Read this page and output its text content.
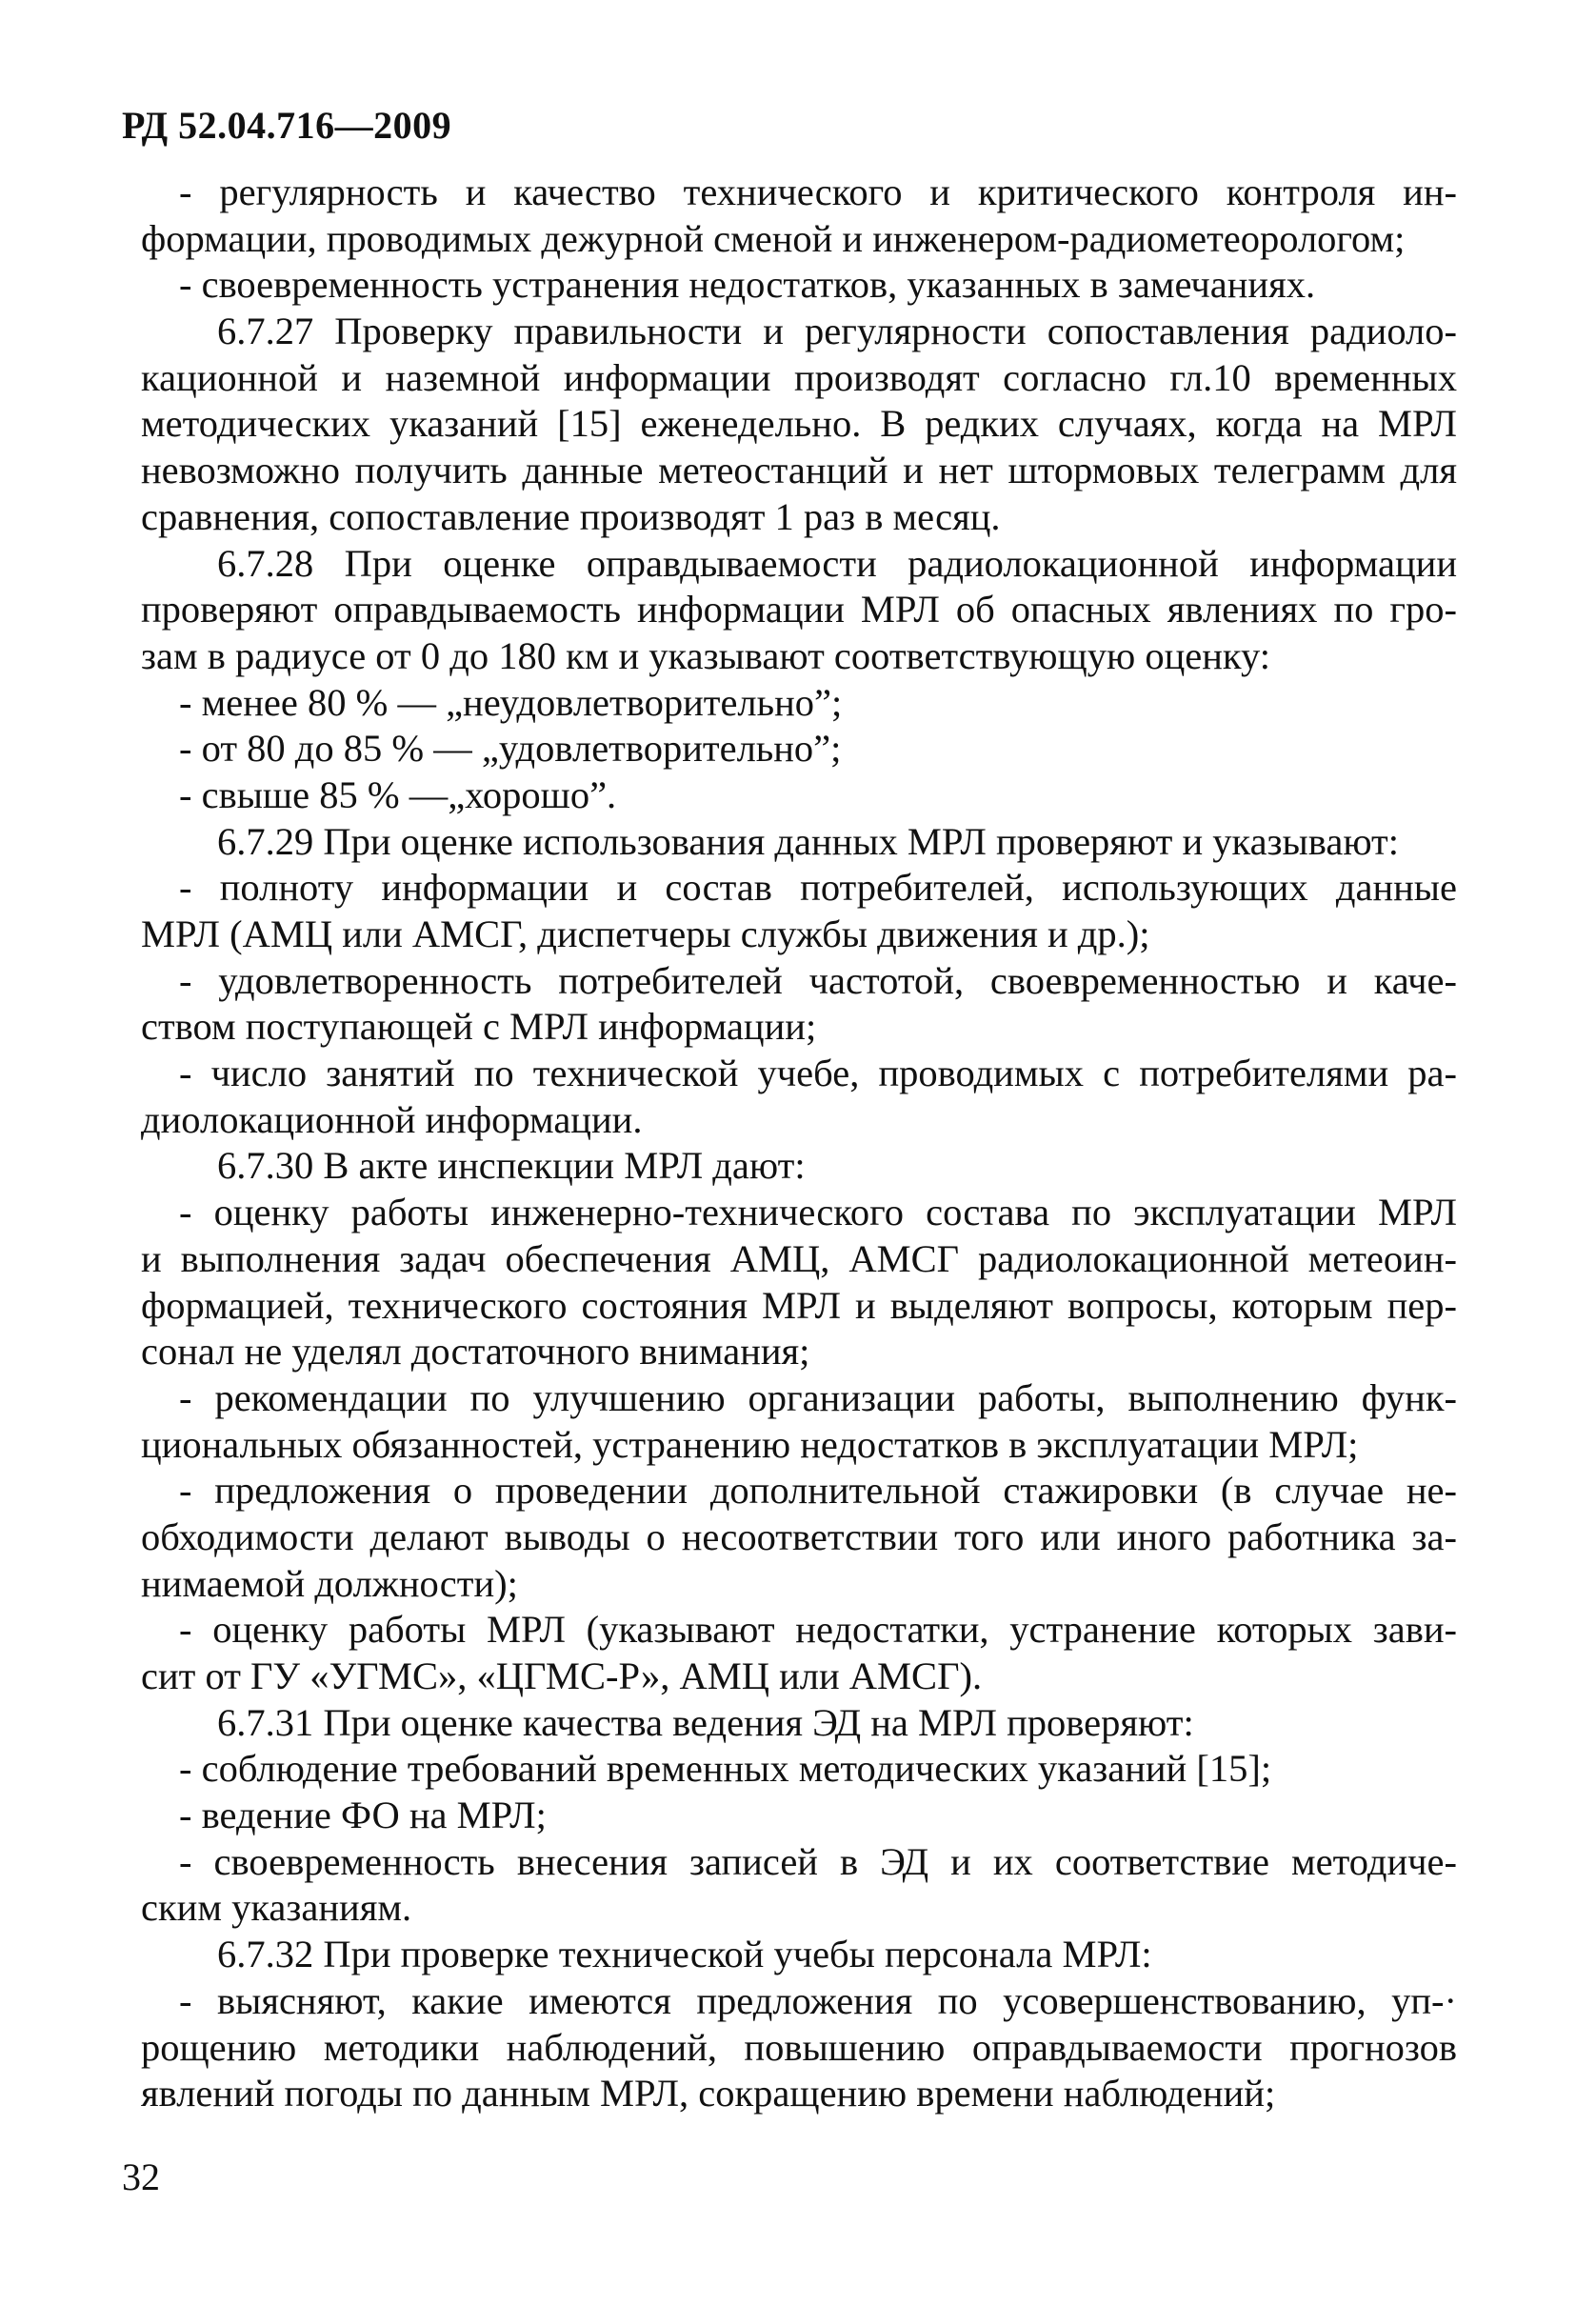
РД 52.04.716—2009
- регулярность и качество технического и критического контроля ин-
формации, проводимых дежурной сменой и инженером-радиометеорологом;
- своевременность устранения недостатков, указанных в замечаниях.
6.7.27 Проверку правильности и регулярности сопоставления радиоло-
кационной и наземной информации производят согласно гл.10 временных
методических указаний [15] еженедельно. В редких случаях, когда на МРЛ
невозможно получить данные метеостанций и нет штормовых телеграмм для
сравнения, сопоставление производят 1 раз в месяц.
6.7.28 При оценке оправдываемости радиолокационной информации
проверяют оправдываемость информации МРЛ об опасных явлениях по гро-
зам в радиусе от 0 до 180 км и указывают соответствующую оценку:
- менее 80 % — „неудовлетворительно”;
- от 80 до 85 % — „удовлетворительно”;
- свыше 85 % —„хорошо”.
6.7.29 При оценке использования данных МРЛ проверяют и указывают:
- полноту информации и состав потребителей, использующих данные
МРЛ (АМЦ или АМСГ, диспетчеры службы движения и др.);
- удовлетворенность потребителей частотой, своевременностью и каче-
ством поступающей с МРЛ информации;
- число занятий по технической учебе, проводимых с потребителями ра-
диолокационной информации.
6.7.30 В акте инспекции МРЛ дают:
- оценку работы инженерно-технического состава по эксплуатации МРЛ
и выполнения задач обеспечения АМЦ, АМСГ радиолокационной метеоин-
формацией, технического состояния МРЛ и выделяют вопросы, которым пер-
сонал не уделял достаточного внимания;
- рекомендации по улучшению организации работы, выполнению функ-
циональных обязанностей, устранению недостатков в эксплуатации МРЛ;
- предложения о проведении дополнительной стажировки (в случае не-
обходимости делают выводы о несоответствии того или иного работника за-
нимаемой должности);
- оценку работы МРЛ (указывают недостатки, устранение которых зави-
сит от ГУ «УГМС», «ЦГМС-Р», АМЦ или АМСГ).
6.7.31 При оценке качества ведения ЭД на МРЛ проверяют:
- соблюдение требований временных методических указаний [15];
- ведение ФО на МРЛ;
- своевременность внесения записей в ЭД и их соответствие методиче-
ским указаниям.
6.7.32 При проверке технической учебы персонала МРЛ:
- выясняют, какие имеются предложения по усовершенствованию, уп-·
рощению методики наблюдений, повышению оправдываемости прогнозов
явлений погоды по данным МРЛ, сокращению времени наблюдений;
32
